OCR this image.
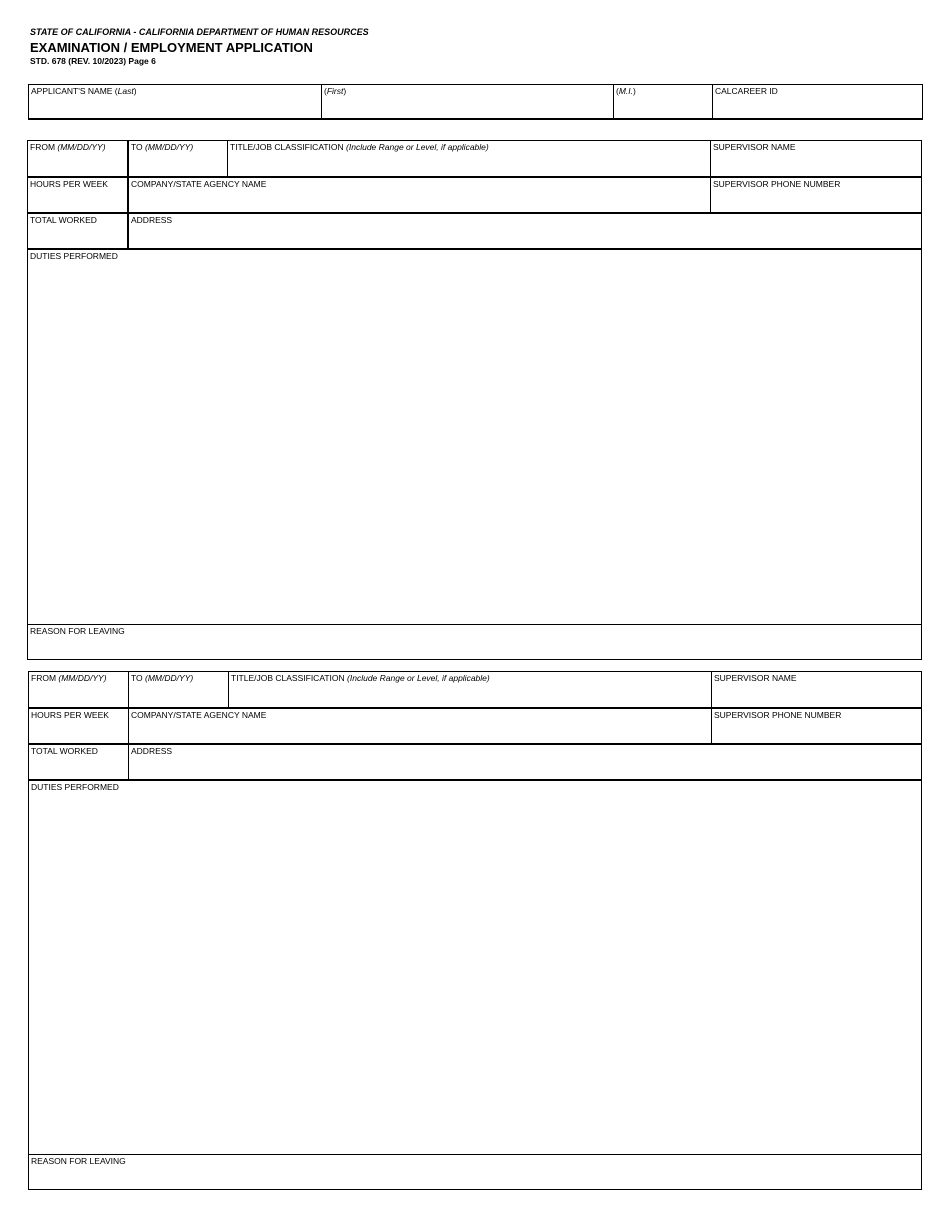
STATE OF CALIFORNIA - CALIFORNIA DEPARTMENT OF HUMAN RESOURCES
EXAMINATION / EMPLOYMENT APPLICATION
STD. 678 (REV. 10/2023) Page 6
APPLICANT'S NAME (Last)	(First)	(M.I.)	CALCAREER ID
FROM (MM/DD/YY)	TO (MM/DD/YY)	TITLE/JOB CLASSIFICATION (Include Range or Level, if applicable)	SUPERVISOR NAME
HOURS PER WEEK	COMPANY/STATE AGENCY NAME	SUPERVISOR PHONE NUMBER
TOTAL WORKED	ADDRESS
DUTIES PERFORMED
REASON FOR LEAVING
FROM (MM/DD/YY)	TO (MM/DD/YY)	TITLE/JOB CLASSIFICATION (Include Range or Level, if applicable)	SUPERVISOR NAME
HOURS PER WEEK	COMPANY/STATE AGENCY NAME	SUPERVISOR PHONE NUMBER
TOTAL WORKED	ADDRESS
DUTIES PERFORMED
REASON FOR LEAVING
